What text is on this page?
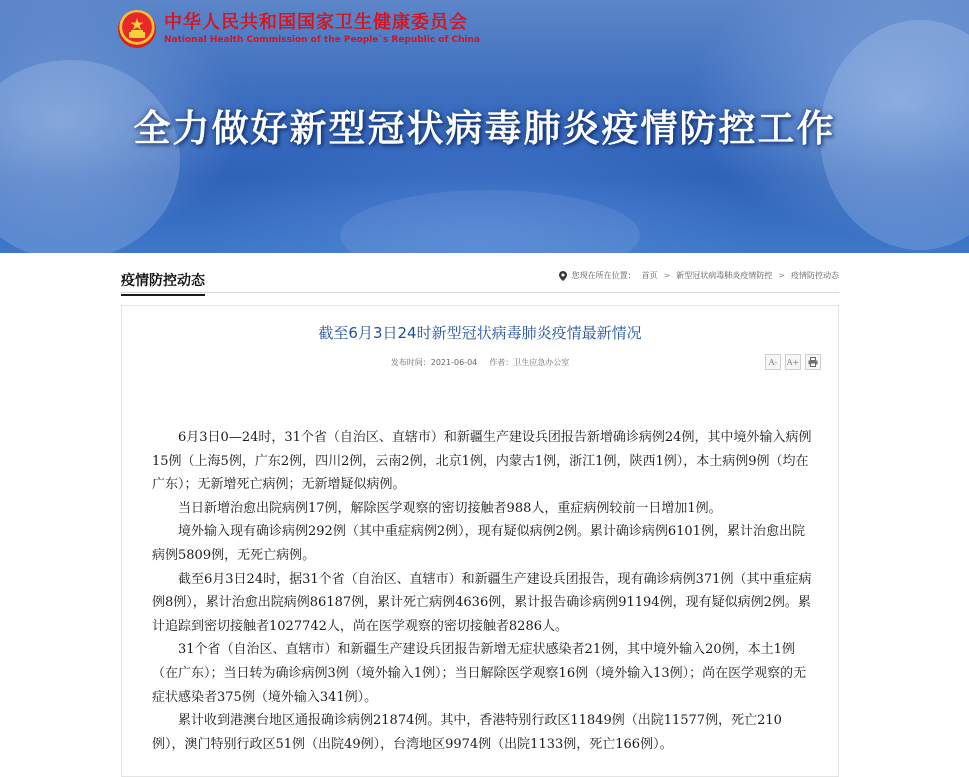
中华人民共和国国家卫生健康委员会
National Health Commission of the People`s Republic of China
全力做好新型冠状病毒肺炎疫情防控工作
疫情防控动态	您现在所在位置： 首页 > 新型冠状病毒肺炎疫情防控 > 疫情防控动态
截至6月3日24时新型冠状病毒肺炎疫情最新情况
发布时间：2021-06-04 作者：卫生应急办公室	A-	A+

6月3日0—24时，31个省（自治区、直辖市）和新疆生产建设兵团报告新增确诊病例24例，其中境外输入病例15例（上海5例，广东2例，四川2例，云南2例，北京1例，内蒙古1例，浙江1例，陕西1例），本土病例9例（均在广东）；无新增死亡病例；无新增疑似病例。

当日新增治愈出院病例17例，解除医学观察的密切接触者988人，重症病例较前一日增加1例。

境外输入现有确诊病例292例（其中重症病例2例），现有疑似病例2例。累计确诊病例6101例，累计治愈出院病例5809例，无死亡病例。

截至6月3日24时，据31个省（自治区、直辖市）和新疆生产建设兵团报告，现有确诊病例371例（其中重症病例8例），累计治愈出院病例86187例，累计死亡病例4636例，累计报告确诊病例91194例，现有疑似病例2例。累计追踪到密切接触者1027742人，尚在医学观察的密切接触者8286人。

31个省（自治区、直辖市）和新疆生产建设兵团报告新增无症状感染者21例，其中境外输入20例，本土1例（在广东）；当日转为确诊病例3例（境外输入1例）；当日解除医学观察16例（境外输入13例）；尚在医学观察的无症状感染者375例（境外输入341例）。

累计收到港澳台地区通报确诊病例21874例。其中，香港特别行政区11849例（出院11577例，死亡210例），澳门特别行政区51例（出院49例），台湾地区9974例（出院1133例，死亡166例）。
